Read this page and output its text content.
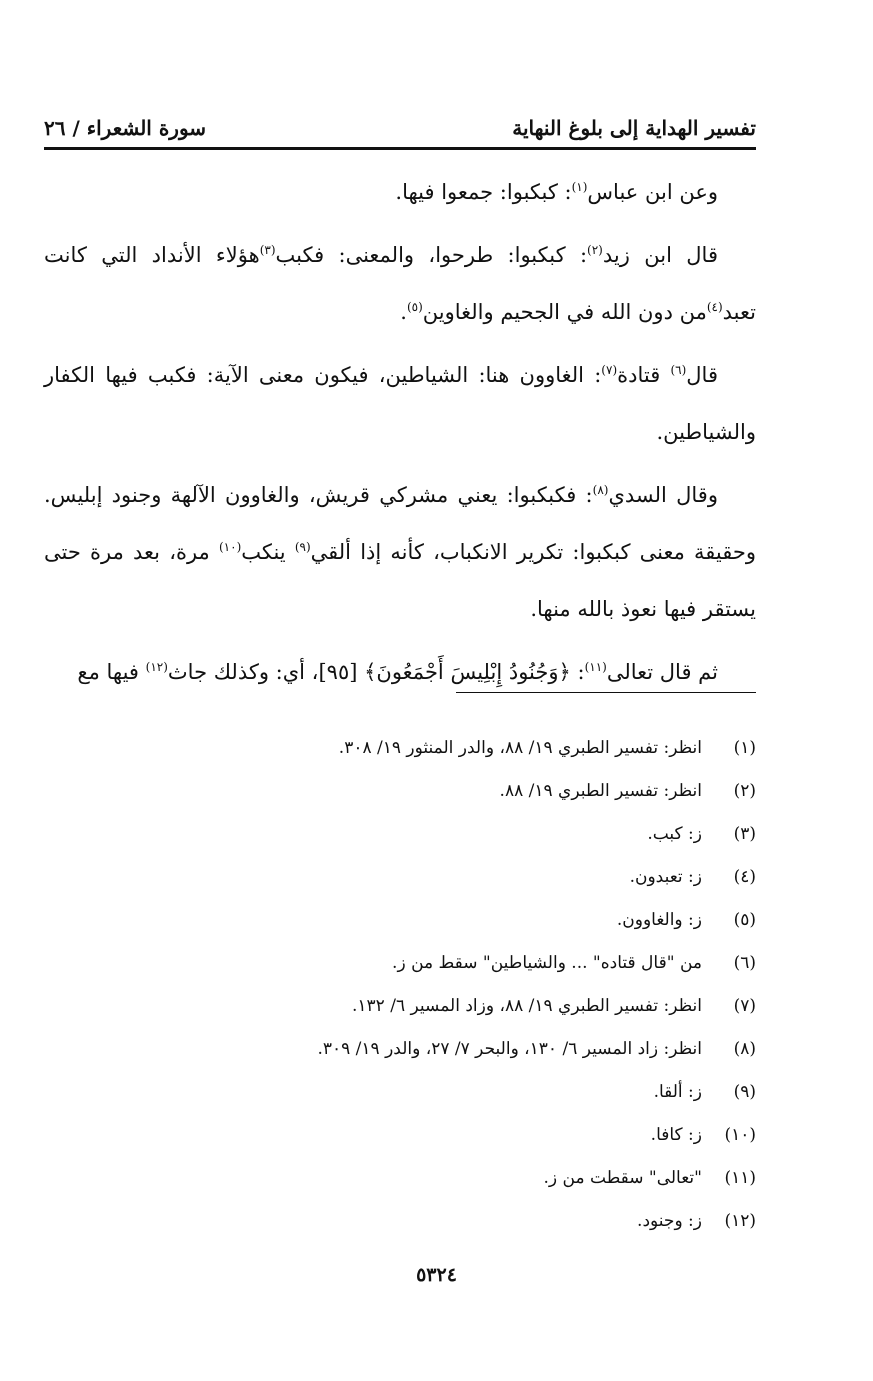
تفسير الهداية إلى بلوغ النهاية
سورة الشعراء / ٢٦

وعن ابن عباس$^{(١)}$: كبكبوا: جمعوا فيها.

قال ابن زيد$^{(٢)}$: كبكبوا: طرحوا، والمعنى: فكبب$^{(٣)}$هؤلاء الأنداد التي كانت تعبد$^{(٤)}$من دون الله في الجحيم والغاوين$^{(٥)}$.

قال$^{(٦)}$ قتادة$^{(٧)}$: الغاوون هنا: الشياطين، فيكون معنى الآية: فكبب فيها الكفار والشياطين.

وقال السدي$^{(٨)}$: فكبكبوا: يعني مشركي قريش، والغاوون الآلهة وجنود إبليس. وحقيقة معنى كبكبوا: تكرير الانكباب، كأنه إذا ألقي$^{(٩)}$ ينكب$^{(١٠)}$ مرة، بعد مرة حتى يستقر فيها نعوذ بالله منها.

ثم قال تعالى$^{(١١)}$: ﴿وَجُنُودُ إِبْلِيسَ أَجْمَعُونَ﴾ [٩٥]، أي: وكذلك جاث$^{(١٢)}$ فيها مع

(١)
انظر: تفسير الطبري ١٩/ ٨٨، والدر المنثور ١٩/ ٣٠٨.
(٢)
انظر: تفسير الطبري ١٩/ ٨٨.
(٣)
ز: كبب.
(٤)
ز: تعبدون.
(٥)
ز: والغاوون.
(٦)
من "قال قتاده" ... والشياطين" سقط من ز.
(٧)
انظر: تفسير الطبري ١٩/ ٨٨، وزاد المسير ٦/ ١٣٢.
(٨)
انظر: زاد المسير ٦/ ١٣٠، والبحر ٧/ ٢٧، والدر ١٩/ ٣٠٩.
(٩)
ز: ألقا.
(١٠)
ز: كافا.
(١١)
"تعالى" سقطت من ز.
(١٢)
ز: وجنود.
٥٣٢٤
